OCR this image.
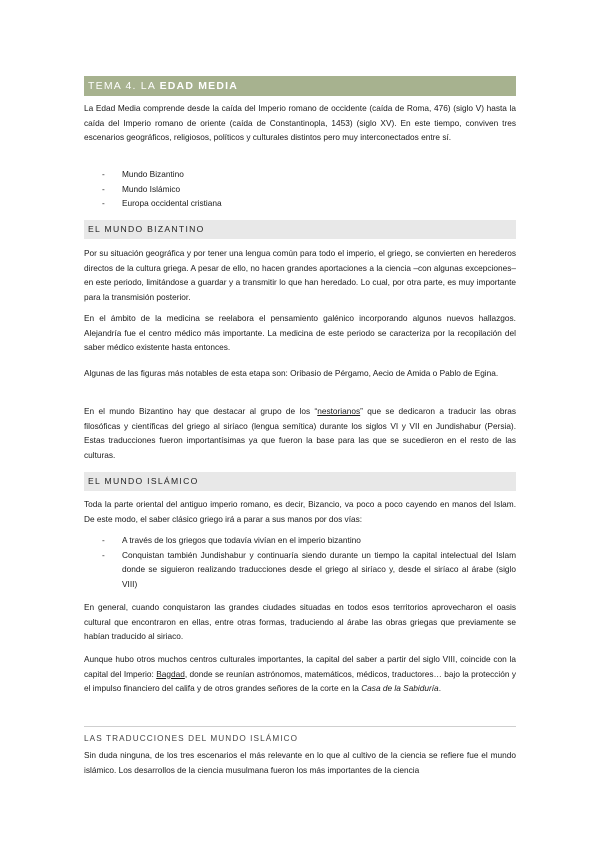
TEMA 4. LA EDAD MEDIA
La Edad Media comprende desde la caída del Imperio romano de occidente (caída de Roma, 476) (siglo V) hasta la caída del Imperio romano de oriente (caída de Constantinopla, 1453) (siglo XV). En este tiempo, conviven tres escenarios geográficos, religiosos, políticos y culturales distintos pero muy interconectados entre sí.
- Mundo Bizantino
- Mundo Islámico
- Europa occidental cristiana
EL MUNDO BIZANTINO
Por su situación geográfica y por tener una lengua común para todo el imperio, el griego, se convierten en herederos directos de la cultura griega. A pesar de ello, no hacen grandes aportaciones a la ciencia –con algunas excepciones– en este periodo, limitándose a guardar y a transmitir lo que han heredado. Lo cual, por otra parte, es muy importante para la transmisión posterior.
En el ámbito de la medicina se reelabora el pensamiento galénico incorporando algunos nuevos hallazgos. Alejandría fue el centro médico más importante. La medicina de este periodo se caracteriza por la recopilación del saber médico existente hasta entonces.
Algunas de las figuras más notables de esta etapa son: Oribasio de Pérgamo, Aecio de Amida o Pablo de Egina.
En el mundo Bizantino hay que destacar al grupo de los “nestorianos” que se dedicaron a traducir las obras filosóficas y científicas del griego al siríaco (lengua semítica) durante los siglos VI y VII en Jundishabur (Persia). Estas traducciones fueron importantísimas ya que fueron la base para las que se sucedieron en el resto de las culturas.
EL MUNDO ISLÁMICO
Toda la parte oriental del antiguo imperio romano, es decir, Bizancio, va poco a poco cayendo en manos del Islam. De este modo, el saber clásico griego irá a parar a sus manos por dos vías:
- A través de los griegos que todavía vivían en el imperio bizantino
- Conquistan también Jundishabur y continuaría siendo durante un tiempo la capital intelectual del Islam donde se siguieron realizando traducciones desde el griego al siríaco y, desde el siríaco al árabe (siglo VIII)
En general, cuando conquistaron las grandes ciudades situadas en todos esos territorios aprovecharon el oasis cultural que encontraron en ellas, entre otras formas, traduciendo al árabe las obras griegas que previamente se habían traducido al siriaco.
Aunque hubo otros muchos centros culturales importantes, la capital del saber a partir del siglo VIII, coincide con la capital del Imperio: Bagdad, donde se reunían astrónomos, matemáticos, médicos, traductores… bajo la protección y el impulso financiero del califa y de otros grandes señores de la corte en la Casa de la Sabiduría.
LAS TRADUCCIONES DEL MUNDO ISLÁMICO
Sin duda ninguna, de los tres escenarios el más relevante en lo que al cultivo de la ciencia se refiere fue el mundo islámico. Los desarrollos de la ciencia musulmana fueron los más importantes de la ciencia
